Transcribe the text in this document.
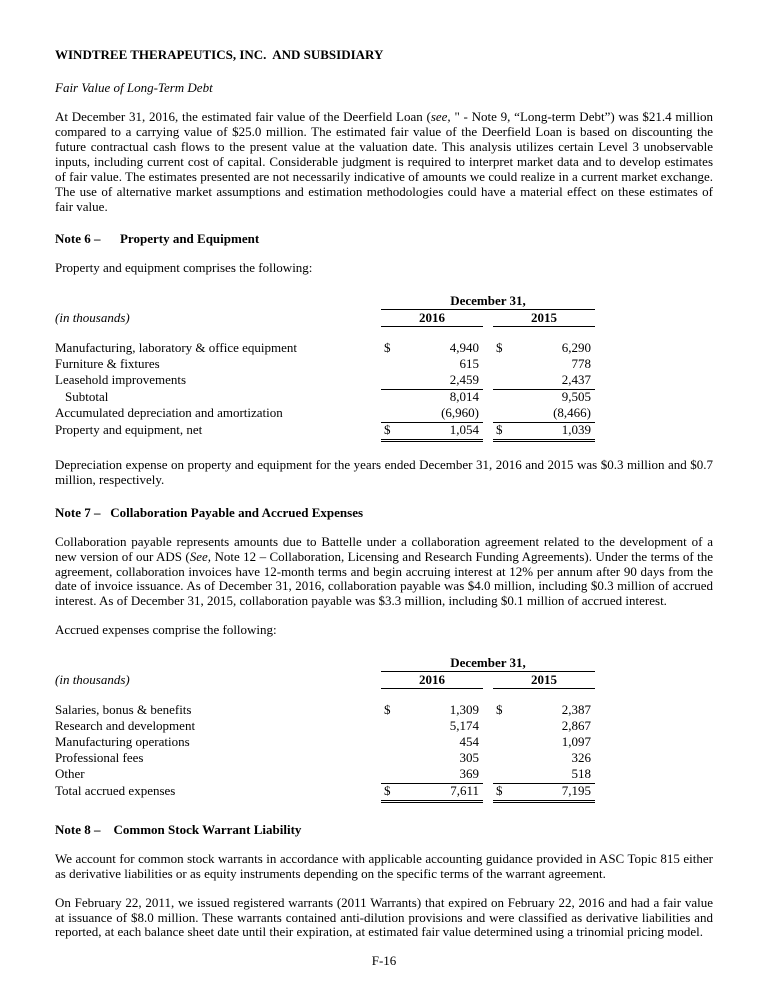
WINDTREE THERAPEUTICS, INC.  AND SUBSIDIARY
Fair Value of Long-Term Debt

At December 31, 2016, the estimated fair value of the Deerfield Loan (see, " - Note 9, “Long-term Debt”) was $21.4 million compared to a carrying value of $25.0 million. The estimated fair value of the Deerfield Loan is based on discounting the future contractual cash flows to the present value at the valuation date. This analysis utilizes certain Level 3 unobservable inputs, including current cost of capital. Considerable judgment is required to interpret market data and to develop estimates of fair value. The estimates presented are not necessarily indicative of amounts we could realize in a current market exchange. The use of alternative market assumptions and estimation methodologies could have a material effect on these estimates of fair value.

Note 6 –      Property and Equipment

Property and equipment comprises the following:

December 31,
(in thousands)	2016	2015
Manufacturing, laboratory & office equipment	$	4,940 $	6,290
Furniture & fixtures	615	778
Leasehold improvements	2,459	2,437
Subtotal	8,014	9,505
Accumulated depreciation and amortization	(6,960)	(8,466)
Property and equipment, net	$	1,054 $	1,039

Depreciation expense on property and equipment for the years ended December 31, 2016 and 2015 was $0.3 million and $0.7 million, respectively.

Note 7 –   Collaboration Payable and Accrued Expenses

Collaboration payable represents amounts due to Battelle under a collaboration agreement related to the development of a new version of our ADS (See, Note 12 – Collaboration, Licensing and Research Funding Agreements). Under the terms of the agreement, collaboration invoices have 12-month terms and begin accruing interest at 12% per annum after 90 days from the date of invoice issuance. As of December 31, 2016, collaboration payable was $4.0 million, including $0.3 million of accrued interest. As of December 31, 2015, collaboration payable was $3.3 million, including $0.1 million of accrued interest.

Accrued expenses comprise the following:

December 31,
(in thousands)	2016	2015
Salaries, bonus & benefits	$	1,309 $	2,387
Research and development	5,174	2,867
Manufacturing operations	454	1,097
Professional fees	305	326
Other	369	518
Total accrued expenses	$	7,611 $	7,195
Note 8 –    Common Stock Warrant Liability

We account for common stock warrants in accordance with applicable accounting guidance provided in ASC Topic 815 either as derivative liabilities or as equity instruments depending on the specific terms of the warrant agreement.

On February 22, 2011, we issued registered warrants (2011 Warrants) that expired on February 22, 2016 and had a fair value at issuance of $8.0 million. These warrants contained anti-dilution provisions and were classified as derivative liabilities and reported, at each balance sheet date until their expiration, at estimated fair value determined using a trinomial pricing model.

F-16
